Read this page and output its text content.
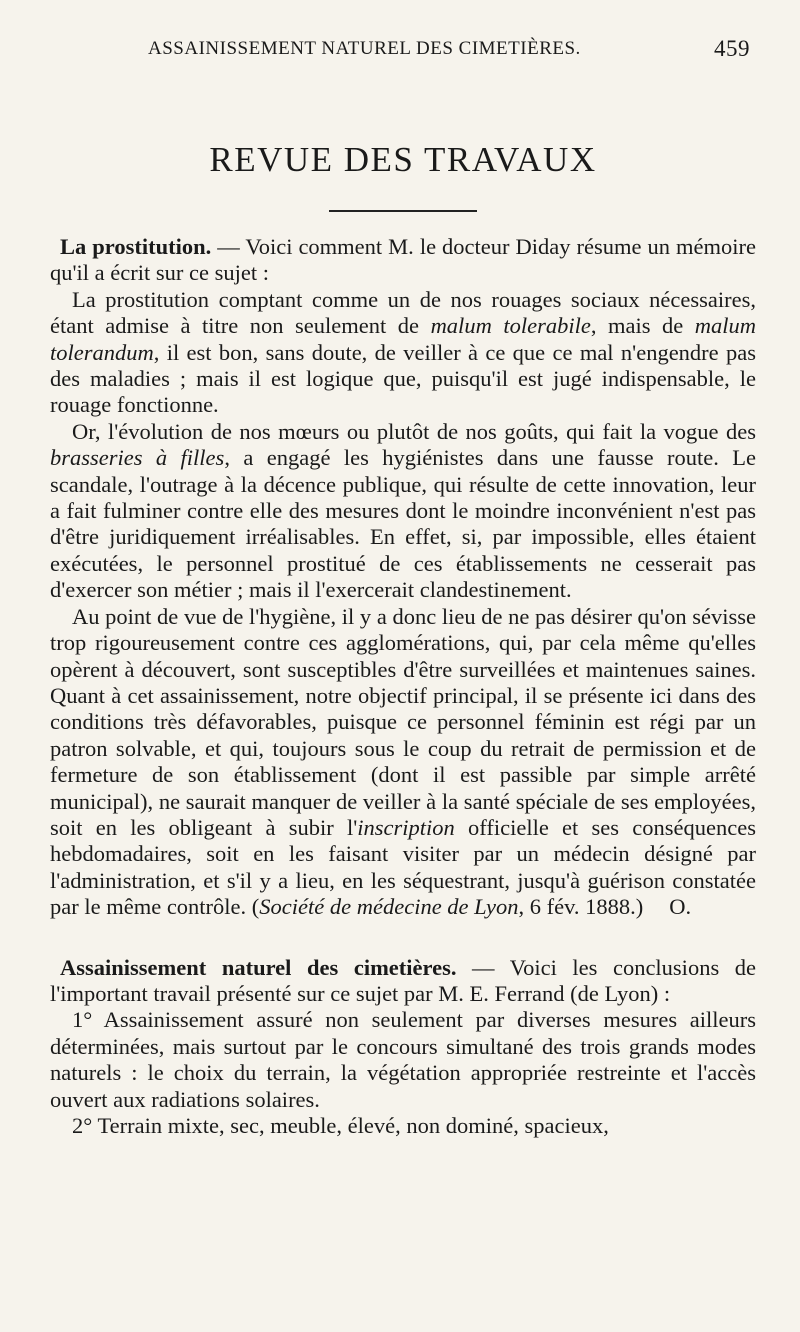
ASSAINISSEMENT NATUREL DES CIMETIÈRES.	459
REVUE DES TRAVAUX

La prostitution. — Voici comment M. le docteur Diday résume un mémoire qu'il a écrit sur ce sujet :

La prostitution comptant comme un de nos rouages sociaux nécessaires, étant admise à titre non seulement de malum tolerabile, mais de malum tolerandum, il est bon, sans doute, de veiller à ce que ce mal n'engendre pas des maladies ; mais il est logique que, puisqu'il est jugé indispensable, le rouage fonctionne.

Or, l'évolution de nos mœurs ou plutôt de nos goûts, qui fait la vogue des brasseries à filles, a engagé les hygiénistes dans une fausse route. Le scandale, l'outrage à la décence publique, qui résulte de cette innovation, leur a fait fulminer contre elle des mesures dont le moindre inconvénient n'est pas d'être juridiquement irréalisables. En effet, si, par impossible, elles étaient exécutées, le personnel prostitué de ces établissements ne cesserait pas d'exercer son métier ; mais il l'exercerait clandestinement.

Au point de vue de l'hygiène, il y a donc lieu de ne pas désirer qu'on sévisse trop rigoureusement contre ces agglomérations, qui, par cela même qu'elles opèrent à découvert, sont susceptibles d'être surveillées et maintenues saines. Quant à cet assainissement, notre objectif principal, il se présente ici dans des conditions très défavorables, puisque ce personnel féminin est régi par un patron solvable, et qui, toujours sous le coup du retrait de permission et de fermeture de son établissement (dont il est passible par simple arrêté municipal), ne saurait manquer de veiller à la santé spéciale de ses employées, soit en les obligeant à subir l'inscription officielle et ses conséquences hebdomadaires, soit en les faisant visiter par un médecin désigné par l'administration, et s'il y a lieu, en les séquestrant, jusqu'à guérison constatée par le même contrôle. (Société de médecine de Lyon, 6 fév. 1888.) O.

Assainissement naturel des cimetières. — Voici les conclusions de l'important travail présenté sur ce sujet par M. E. Ferrand (de Lyon) :

1° Assainissement assuré non seulement par diverses mesures ailleurs déterminées, mais surtout par le concours simultané des trois grands modes naturels : le choix du terrain, la végétation appropriée restreinte et l'accès ouvert aux radiations solaires.

2° Terrain mixte, sec, meuble, élevé, non dominé, spacieux,
